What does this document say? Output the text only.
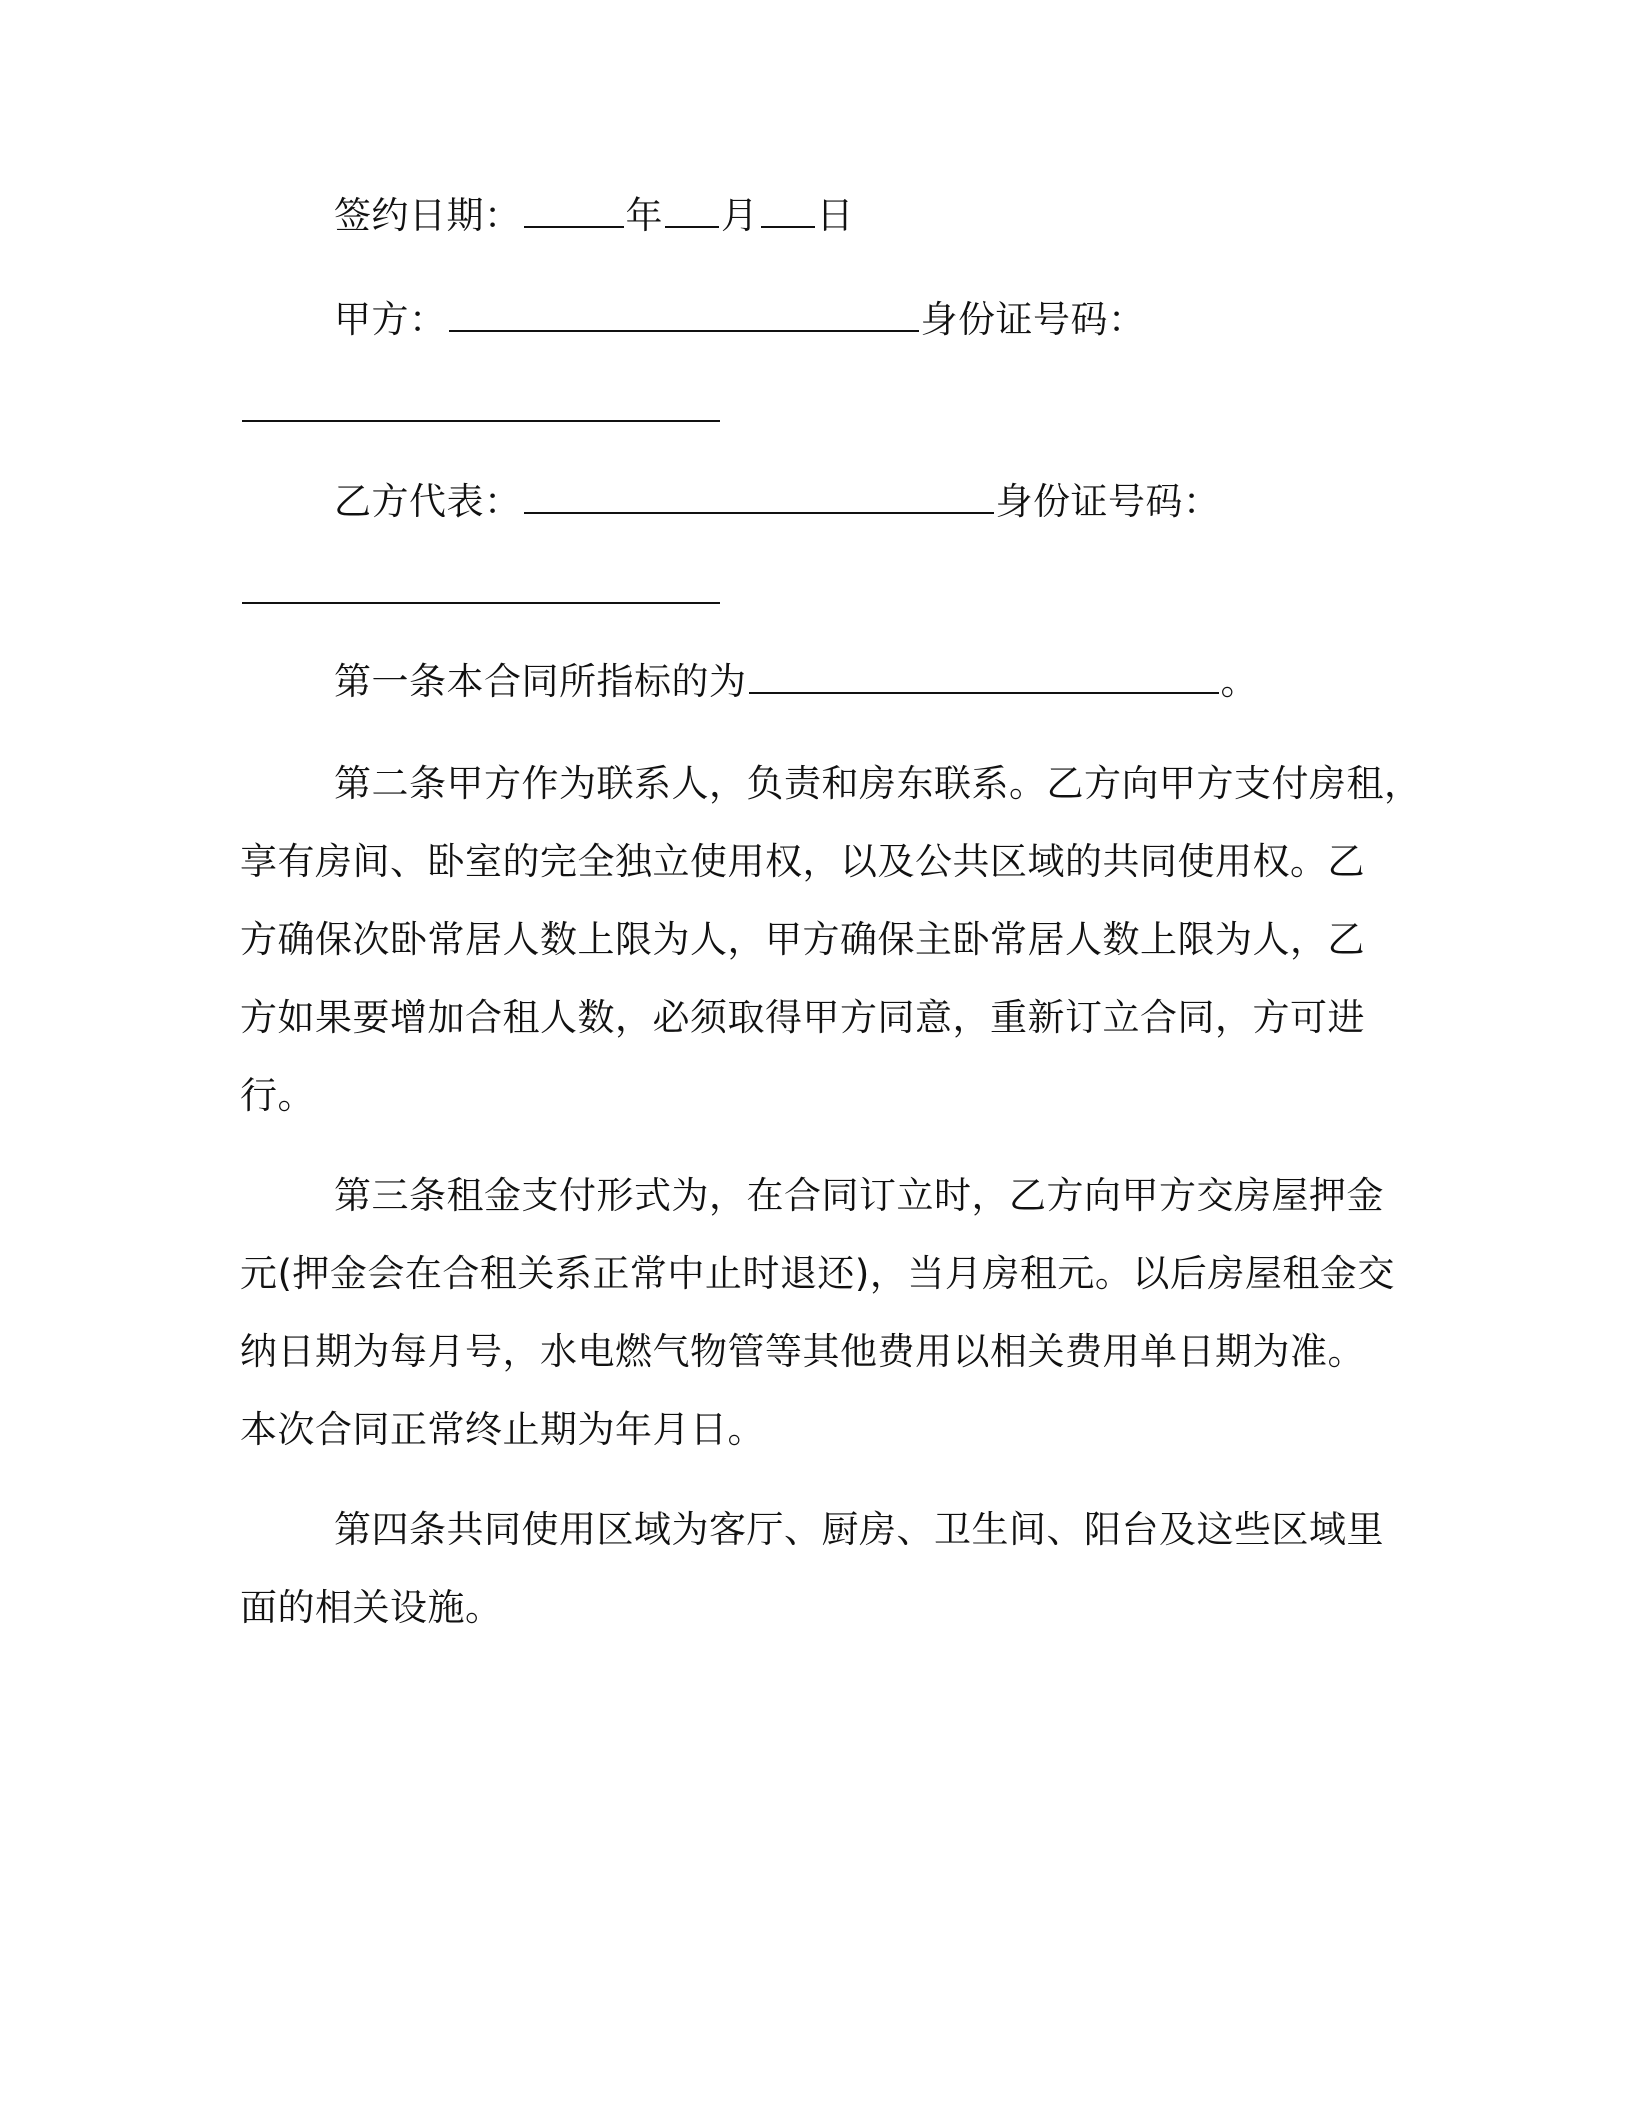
签约日期：	年 月 日
甲方：	身份证号码：
乙方代表：	身份证号码：
第一条本合同所指标的为	。
第二条甲方作为联系人，负责和房东联系。乙方向甲方支付房租，
享有房间、卧室的完全独立使用权，以及公共区域的共同使用权。乙
方确保次卧常居人数上限为人，甲方确保主卧常居人数上限为人，乙
方如果要增加合租人数，必须取得甲方同意，重新订立合同，方可进
行。
第三条租金支付形式为，在合同订立时，乙方向甲方交房屋押金
元(押金会在合租关系正常中止时退还)，当月房租元。以后房屋租金交
纳日期为每月号，水电燃气物管等其他费用以相关费用单日期为准。
本次合同正常终止期为年月日。
第四条共同使用区域为客厅、厨房、卫生间、阳台及这些区域里
面的相关设施。
